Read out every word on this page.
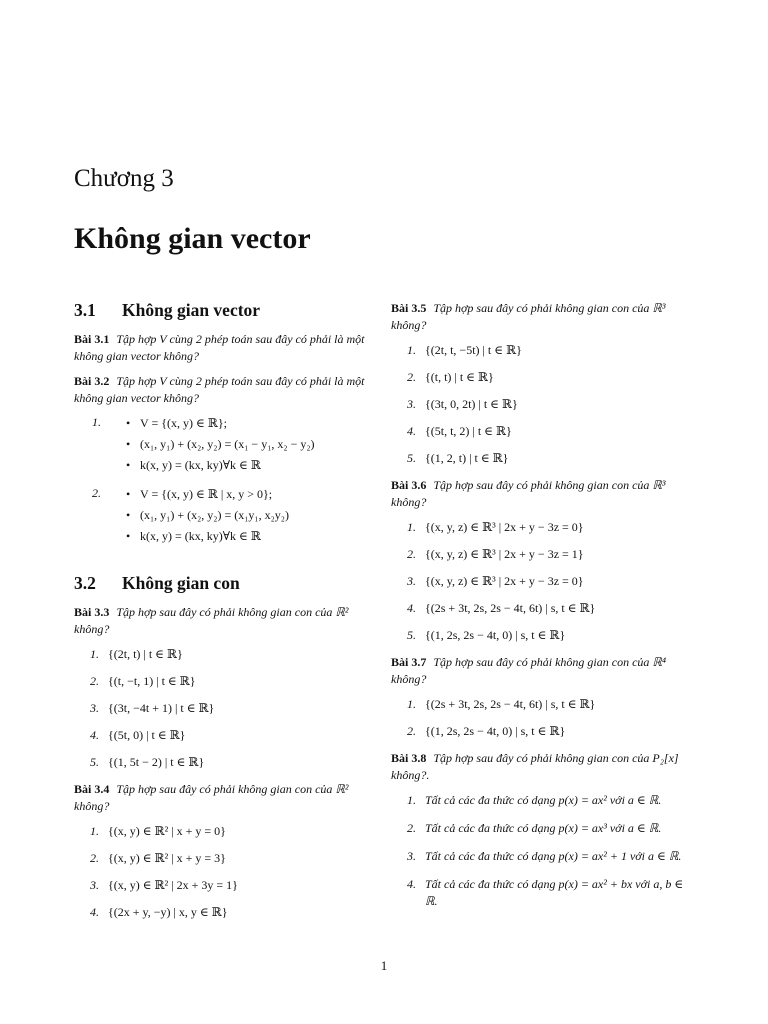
Chương 3
Không gian vector
3.1 Không gian vector
Bài 3.1 Tập hợp V cùng 2 phép toán sau đây có phải là một không gian vector không?
Bài 3.2 Tập hợp V cùng 2 phép toán sau đây có phải là một không gian vector không?
1.	• V = {(x, y) ∈ ℝ};
• (x₁, y₁) + (x₂, y₂) = (x₁ − y₁, x₂ − y₂)
• k(x, y) = (kx, ky)∀k ∈ ℝ
2.	• V = {(x, y) ∈ ℝ | x, y > 0};
• (x₁, y₁) + (x₂, y₂) = (x₁y₁, x₂y₂)
• k(x, y) = (kx, ky)∀k ∈ ℝ
3.2 Không gian con
Bài 3.3 Tập hợp sau đây có phải không gian con của ℝ² không?
1. {(2t, t) | t ∈ ℝ}
2. {(t, −t, 1) | t ∈ ℝ}
3. {(3t, −4t + 1) | t ∈ ℝ}
4. {(5t, 0) | t ∈ ℝ}
5. {(1, 5t − 2) | t ∈ ℝ}
Bài 3.4 Tập hợp sau đây có phải không gian con của ℝ² không?
1. {(x, y) ∈ ℝ² | x + y = 0}
2. {(x, y) ∈ ℝ² | x + y = 3}
3. {(x, y) ∈ ℝ² | 2x + 3y = 1}
4. {(2x + y, −y) | x, y ∈ ℝ}
Bài 3.5 Tập hợp sau đây có phải không gian con của ℝ³ không?
1. {(2t, t, −5t) | t ∈ ℝ}
2. {(t, t) | t ∈ ℝ}
3. {(3t, 0, 2t) | t ∈ ℝ}
4. {(5t, t, 2) | t ∈ ℝ}
5. {(1, 2, t) | t ∈ ℝ}
Bài 3.6 Tập hợp sau đây có phải không gian con của ℝ³ không?
1. {(x, y, z) ∈ ℝ³ | 2x + y − 3z = 0}
2. {(x, y, z) ∈ ℝ³ | 2x + y − 3z = 1}
3. {(x, y, z) ∈ ℝ³ | 2x + y − 3z = 0}
4. {(2s + 3t, 2s, 2s − 4t, 6t) | s, t ∈ ℝ}
5. {(1, 2s, 2s − 4t, 0) | s, t ∈ ℝ}
Bài 3.7 Tập hợp sau đây có phải không gian con của ℝ⁴ không?
1. {(2s + 3t, 2s, 2s − 4t, 6t) | s, t ∈ ℝ}
2. {(1, 2s, 2s − 4t, 0) | s, t ∈ ℝ}
Bài 3.8 Tập hợp sau đây có phải không gian con của P₂[x] không?.
1. Tất cả các đa thức có dạng p(x) = ax² với a ∈ ℝ.
2. Tất cả các đa thức có dạng p(x) = ax³ với a ∈ ℝ.
3. Tất cả các đa thức có dạng p(x) = ax² + 1 với a ∈ ℝ.
4. Tất cả các đa thức có dạng p(x) = ax² + bx với a, b ∈ ℝ.
1
